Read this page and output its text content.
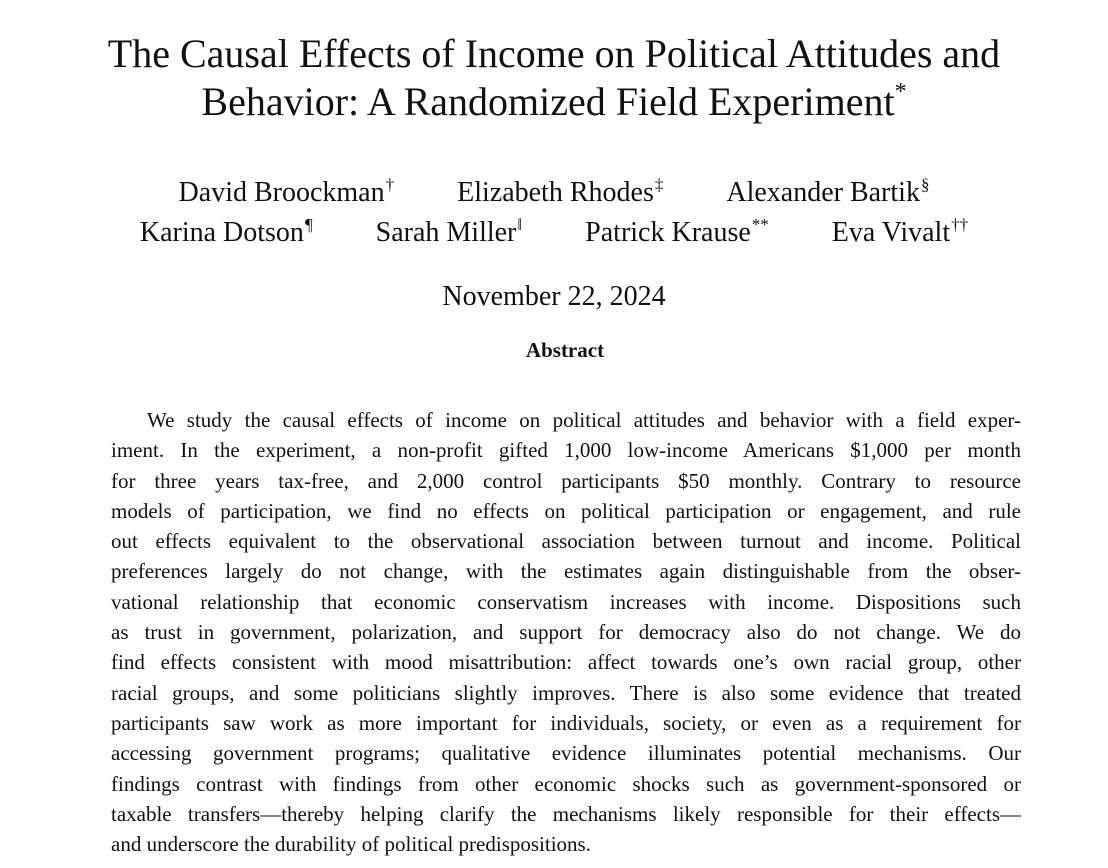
The Causal Effects of Income on Political Attitudes and
Behavior: A Randomized Field Experiment*
David Broockman† Elizabeth Rhodes‡ Alexander Bartik§
Karina Dotson¶ Sarah Miller‖ Patrick Krause** Eva Vivalt††
November 22, 2024
Abstract
We study the causal effects of income on political attitudes and behavior with a field exper-
iment. In the experiment, a non-profit gifted 1,000 low-income Americans $1,000 per month
for three years tax-free, and 2,000 control participants $50 monthly. Contrary to resource
models of participation, we find no effects on political participation or engagement, and rule
out effects equivalent to the observational association between turnout and income. Political
preferences largely do not change, with the estimates again distinguishable from the obser-
vational relationship that economic conservatism increases with income. Dispositions such
as trust in government, polarization, and support for democracy also do not change. We do
find effects consistent with mood misattribution: affect towards one’s own racial group, other
racial groups, and some politicians slightly improves. There is also some evidence that treated
participants saw work as more important for individuals, society, or even as a requirement for
accessing government programs; qualitative evidence illuminates potential mechanisms. Our
findings contrast with findings from other economic shocks such as government-sponsored or
taxable transfers—thereby helping clarify the mechanisms likely responsible for their effects—
and underscore the durability of political predispositions.
